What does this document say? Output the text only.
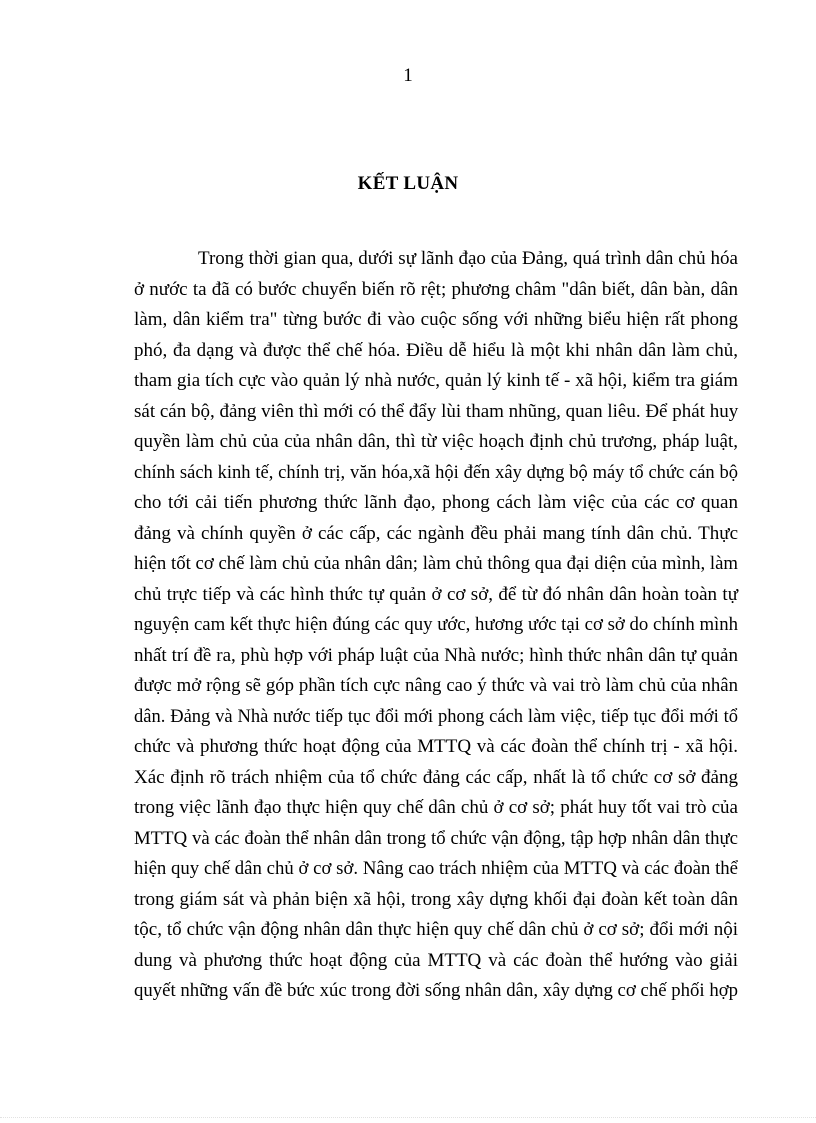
1
KẾT LUẬN
Trong thời gian qua, dưới sự lãnh đạo của Đảng, quá trình dân chủ hóa
ở nước ta đã có bước chuyển biến rõ rệt; phương châm "dân biết, dân bàn, dân
làm, dân kiểm tra" từng bước đi vào cuộc sống với những biểu hiện rất phong
phó, đa dạng và được thể chế hóa. Điều dễ hiểu là một khi nhân dân làm chủ,
tham gia tích cực vào quản lý nhà nước, quản lý kinh tế - xã hội, kiểm tra giám
sát cán bộ, đảng viên thì mới có thể đẩy lùi tham nhũng, quan liêu. Để phát huy
quyền làm chủ của của nhân dân, thì từ việc hoạch định chủ trương, pháp luật,
chính sách kinh tế, chính trị, văn hóa,xã hội đến xây dựng bộ máy tổ chức cán bộ
cho tới cải tiến phương thức lãnh đạo, phong cách làm việc của các cơ quan
đảng và chính quyền ở các cấp, các ngành đều phải mang tính dân chủ. Thực
hiện tốt cơ chế làm chủ của nhân dân; làm chủ thông qua đại diện của mình, làm
chủ trực tiếp và các hình thức tự quản ở cơ sở, để từ đó nhân dân hoàn toàn tự
nguyện cam kết thực hiện đúng các quy ước, hương ước tại cơ sở do chính mình
nhất trí đề ra, phù hợp với pháp luật của Nhà nước; hình thức nhân dân tự quản
được mở rộng sẽ góp phần tích cực nâng cao ý thức và vai trò làm chủ của nhân
dân. Đảng và Nhà nước tiếp tục đổi mới phong cách làm việc, tiếp tục đổi mới tổ
chức và phương thức hoạt động của MTTQ và các đoàn thể chính trị - xã hội.
Xác định rõ trách nhiệm của tổ chức đảng các cấp, nhất là tổ chức cơ sở đảng
trong việc lãnh đạo thực hiện quy chế dân chủ ở cơ sở; phát huy tốt vai trò của
MTTQ và các đoàn thể nhân dân trong tổ chức vận động, tập hợp nhân dân thực
hiện quy chế dân chủ ở cơ sở. Nâng cao trách nhiệm của MTTQ và các đoàn thể
trong giám sát và phản biện xã hội, trong xây dựng khối đại đoàn kết toàn dân
tộc, tổ chức vận động nhân dân thực hiện quy chế dân chủ ở cơ sở; đổi mới nội
dung và phương thức hoạt động của MTTQ và các đoàn thể hướng vào giải
quyết những vấn đề bức xúc trong đời sống nhân dân, xây dựng cơ chế phối hợp
